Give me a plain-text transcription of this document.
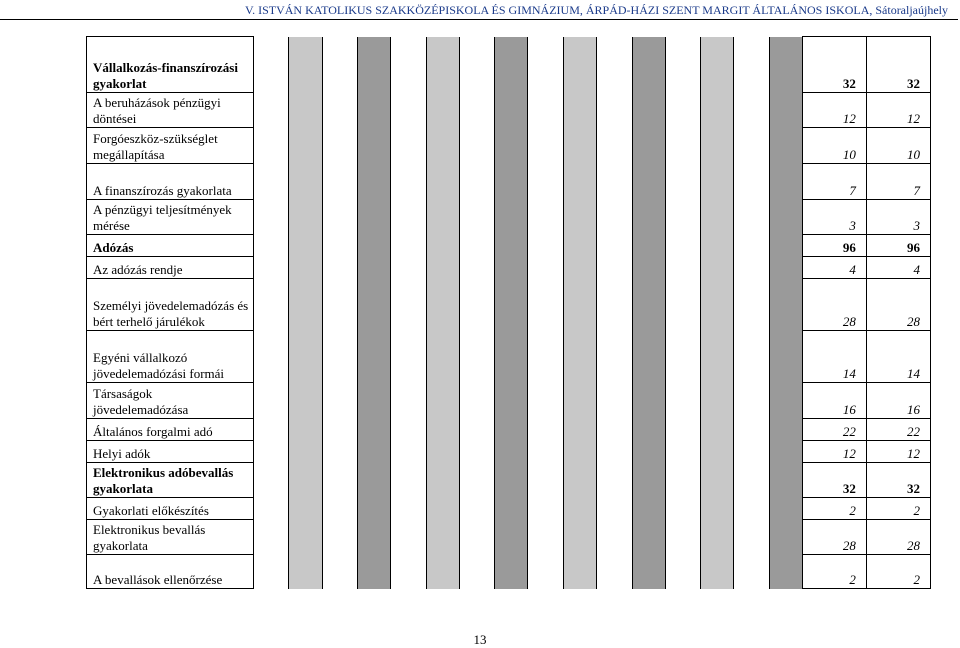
V. ISTVÁN KATOLIKUS SZAKKÖZÉPISKOLA ÉS GIMNÁZIUM, ÁRPÁD-HÁZI SZENT MARGIT ÁLTALÁNOS ISKOLA, Sátoraljaújhely
Vállalkozás-finanszírozási gyakorlat																	32	32
A beruházások pénzügyi döntései																	12	12
Forgóeszköz-szükséglet megállapítása																	10	10
A finanszírozás gyakorlata																	7	7
A pénzügyi teljesítmények mérése																	3	3
Adózás																	96	96
Az adózás rendje																	4	4
Személyi jövedelemadózás és bért terhelő járulékok																	28	28
Egyéni vállalkozó jövedelemadózási formái																	14	14
Társaságok jövedelemadózása																	16	16
Általános forgalmi adó																	22	22
Helyi adók																	12	12
Elektronikus adóbevallás gyakorlata																	32	32
Gyakorlati előkészítés																	2	2
Elektronikus bevallás gyakorlata																	28	28
A bevallások ellenőrzése																	2	2
13
